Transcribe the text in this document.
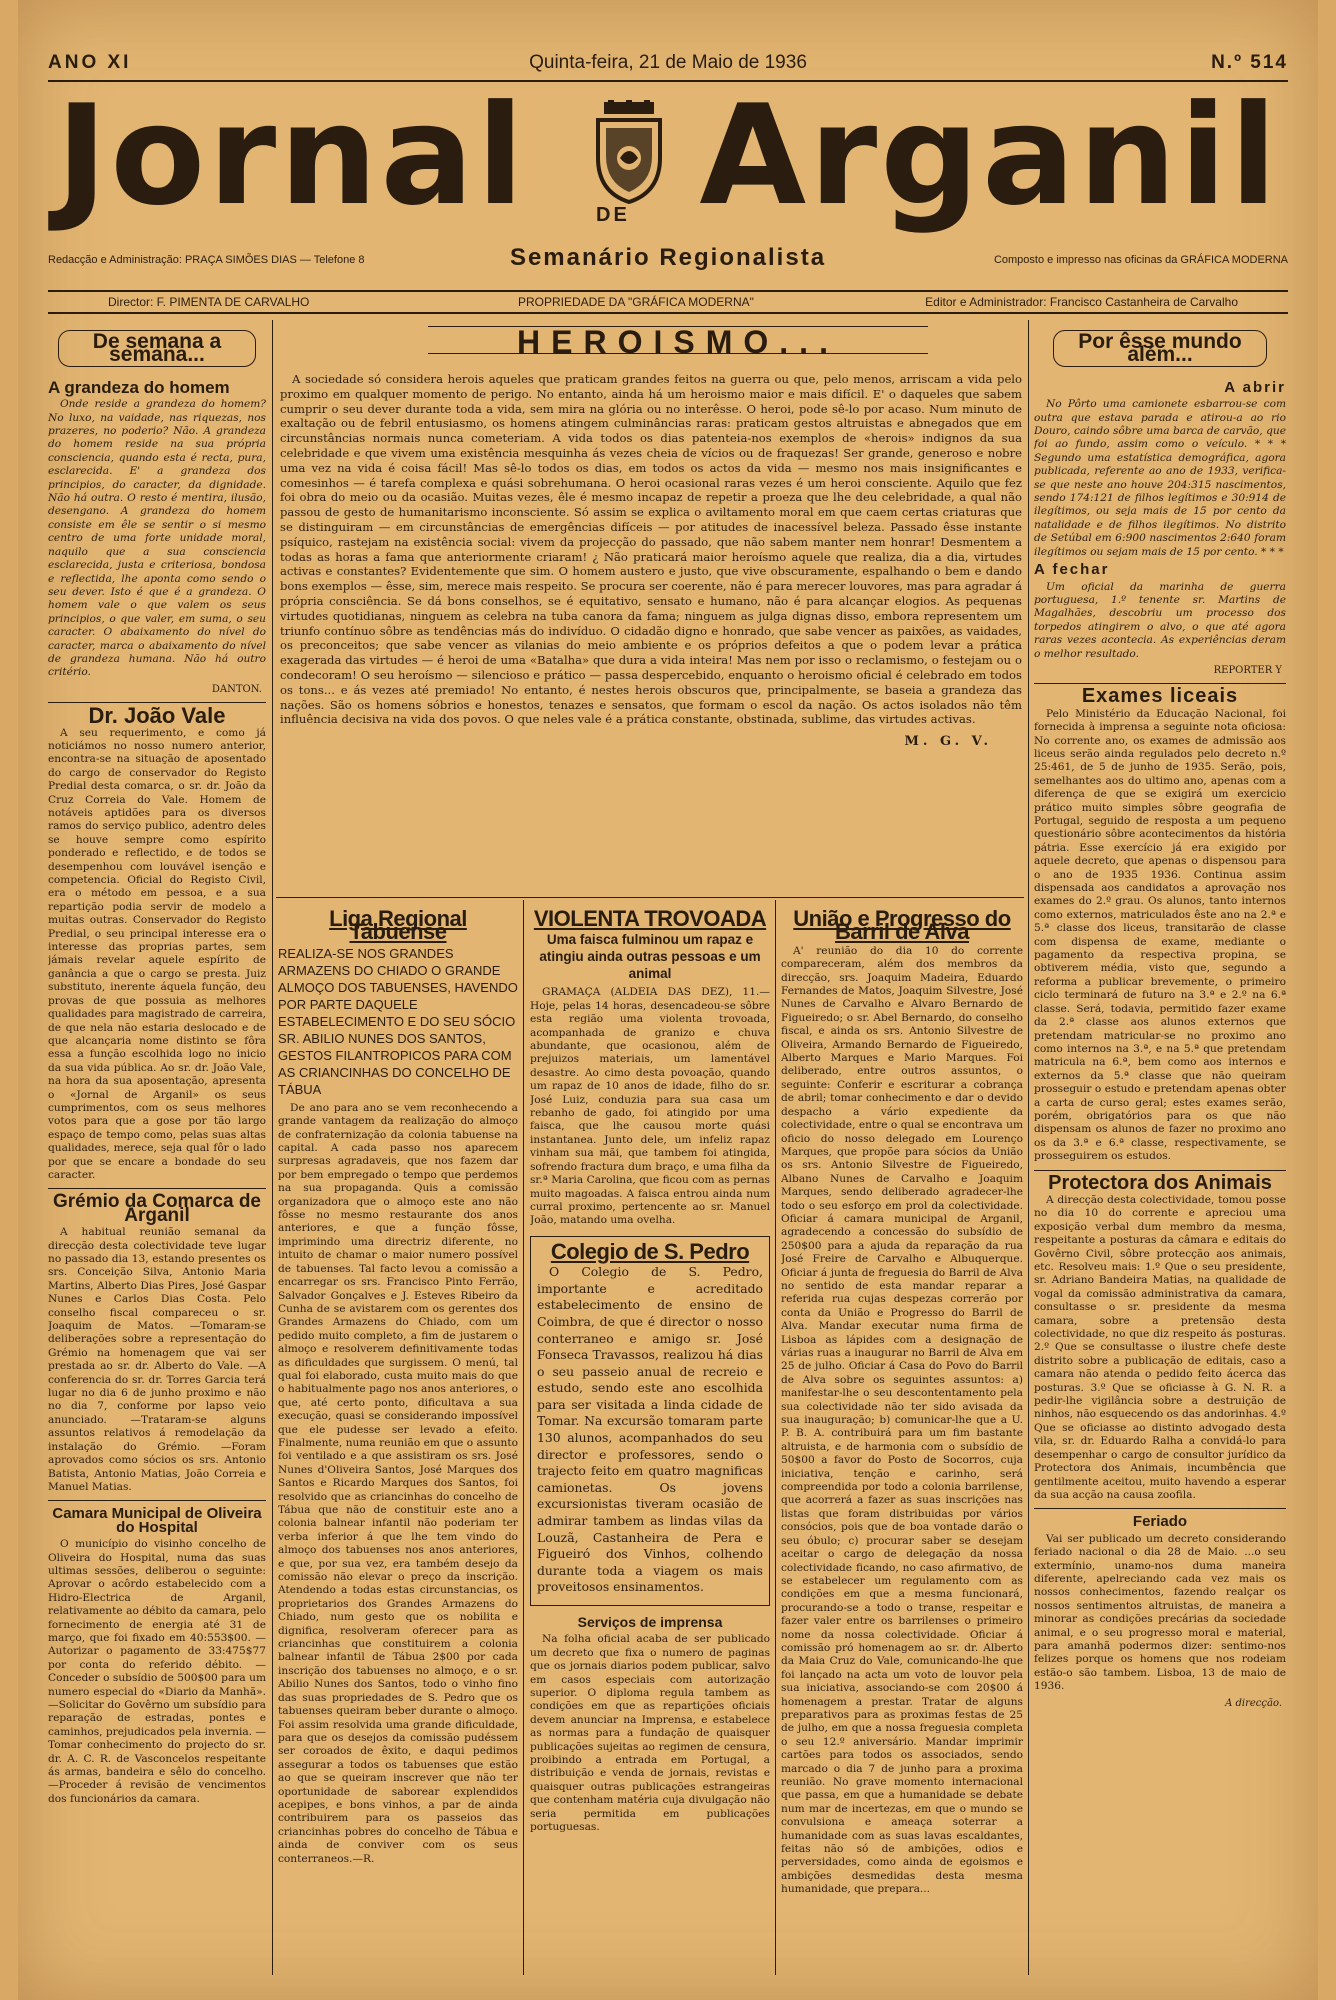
ANO XI	Quinta-feira, 21 de Maio de 1936	N.º 514
Jornal Arganil
DE
Redacção e Administração: PRAÇA SIMÕES DIAS — Telefone 8	Semanário Regionalista	Composto e impresso nas oficinas da GRÁFICA MODERNA
Director: F. PIMENTA DE CARVALHO	PROPRIEDADE DA "GRÁFICA MODERNA"	Editor e Administrador: Francisco Castanheira de Carvalho
De semana a semana...
A grandeza do homem

Onde reside a grandeza do homem? No luxo, na vaidade, nas riquezas, nos prazeres, no poderio? Não. A grandeza do homem reside na sua própria consciencia, quando esta é recta, pura, esclarecida. E' a grandeza dos principios, do caracter, da dignidade. Não há outra. O resto é mentira, ilusão, desengano. A grandeza do homem consiste em êle se sentir o si mesmo centro de uma forte unidade moral, naquilo que a sua consciencia esclarecida, justa e criteriosa, bondosa e reflectida, lhe aponta como sendo o seu dever. Isto é que é a grandeza. O homem vale o que valem os seus principios, o que valer, em suma, o seu caracter. O abaixamento do nível do caracter, marca o abaixamento do nível de grandeza humana. Não há outro critério.

DANTON.
Dr. João Vale

A seu requerimento, e como já noticiámos no nosso numero anterior, encontra-se na situação de aposentado do cargo de conservador do Registo Predial desta comarca, o sr. dr. João da Cruz Correia do Vale. Homem de notáveis aptidões para os diversos ramos do serviço publico, adentro deles se houve sempre como espírito ponderado e reflectido, e de todos se desempenhou com louvável isenção e competencia. Oficial do Registo Civil, era o método em pessoa, e a sua repartição podia servir de modelo a muitas outras. Conservador do Registo Predial, o seu principal interesse era o interesse das proprias partes, sem jámais revelar aquele espírito de ganância a que o cargo se presta. Juiz substituto, inerente áquela função, deu provas de que possuia as melhores qualidades para magistrado de carreira, de que nela não estaria deslocado e de que alcançaria nome distinto se fôra essa a função escolhida logo no inicio da sua vida pública. Ao sr. dr. João Vale, na hora da sua aposentação, apresenta o «Jornal de Arganil» os seus cumprimentos, com os seus melhores votos para que a gose por tão largo espaço de tempo como, pelas suas altas qualidades, merece, seja qual fôr o lado por que se encare a bondade do seu caracter.

Grémio da Comarca de Arganil

A habitual reunião semanal da direcção desta colectividade teve lugar no passado dia 13, estando presentes os srs. Conceição Silva, Antonio Maria Martins, Alberto Dias Pires, José Gaspar Nunes e Carlos Dias Costa. Pelo conselho fiscal compareceu o sr. Joaquim de Matos. —Tomaram-se deliberações sobre a representação do Grémio na homenagem que vai ser prestada ao sr. dr. Alberto do Vale. —A conferencia do sr. dr. Torres Garcia terá lugar no dia 6 de junho proximo e não no dia 7, conforme por lapso veio anunciado. —Trataram-se alguns assuntos relativos á remodelação da instalação do Grémio. —Foram aprovados como sócios os srs. Antonio Batista, Antonio Matias, João Correia e Manuel Matias.

Camara Municipal de Oliveira do Hospital

O município do visinho concelho de Oliveira do Hospital, numa das suas ultimas sessões, deliberou o seguinte: Aprovar o acôrdo estabelecido com a Hidro-Electrica de Arganil, relativamente ao débito da camara, pelo fornecimento de energia até 31 de março, que foi fixado em 40:553$00. —Autorizar o pagamento de 33:475$77 por conta do referido débito. —Conceder o subsídio de 500$00 para um numero especial do «Diario da Manhã». —Solicitar do Govêrno um subsídio para reparação de estradas, pontes e caminhos, prejudicados pela invernia. —Tomar conhecimento do projecto do sr. dr. A. C. R. de Vasconcelos respeitante ás armas, bandeira e sêlo do concelho. —Proceder á revisão de vencimentos dos funcionários da camara.

HEROISMO...

A sociedade só considera herois aqueles que praticam grandes feitos na guerra ou que, pelo menos, arriscam a vida pelo proximo em qualquer momento de perigo. No entanto, ainda há um heroismo maior e mais difícil. E' o daqueles que sabem cumprir o seu dever durante toda a vida, sem mira na glória ou no interêsse. O heroi, pode sê-lo por acaso. Num minuto de exaltação ou de febril entusiasmo, os homens atingem culminâncias raras: praticam gestos altruistas e abnegados que em circunstâncias normais nunca cometeriam. A vida todos os dias patenteia-nos exemplos de «herois» indignos da sua celebridade e que vivem uma existência mesquinha ás vezes cheia de vícios ou de fraquezas! Ser grande, generoso e nobre uma vez na vida é coisa fácil! Mas sê-lo todos os dias, em todos os actos da vida — mesmo nos mais insignificantes e comesinhos — é tarefa complexa e quási sobrehumana. O heroi ocasional raras vezes é um heroi consciente. Aquilo que fez foi obra do meio ou da ocasião. Muitas vezes, êle é mesmo incapaz de repetir a proeza que lhe deu celebridade, a qual não passou de gesto de humanitarismo inconsciente. Só assim se explica o aviltamento moral em que caem certas criaturas que se distinguiram — em circunstâncias de emergências difíceis — por atitudes de inacessível beleza. Passado êsse instante psíquico, rastejam na existência social: vivem da projecção do passado, que não sabem manter nem honrar! Desmentem a todas as horas a fama que anteriormente criaram! ¿ Não praticará maior heroísmo aquele que realiza, dia a dia, virtudes activas e constantes? Evidentemente que sim. O homem austero e justo, que vive obscuramente, espalhando o bem e dando bons exemplos — êsse, sim, merece mais respeito. Se procura ser coerente, não é para merecer louvores, mas para agradar á própria consciência. Se dá bons conselhos, se é equitativo, sensato e humano, não é para alcançar elogios. As pequenas virtudes quotidianas, ninguem as celebra na tuba canora da fama; ninguem as julga dignas disso, embora representem um triunfo contínuo sôbre as tendências más do indivíduo. O cidadão digno e honrado, que sabe vencer as paixões, as vaidades, os preconceitos; que sabe vencer as vilanias do meio ambiente e os próprios defeitos a que o podem levar a prática exagerada das virtudes — é heroi de uma «Batalha» que dura a vida inteira! Mas nem por isso o reclamismo, o festejam ou o condecoram! O seu heroísmo — silencioso e prático — passa despercebido, enquanto o heroismo oficial é celebrado em todos os tons... e ás vezes até premiado! No entanto, é nestes herois obscuros que, principalmente, se baseia a grandeza das nações. São os homens sóbrios e honestos, tenazes e sensatos, que formam o escol da nação. Os actos isolados não têm influência decisiva na vida dos povos. O que neles vale é a prática constante, obstinada, sublime, das virtudes activas.

M. G. V.
Liga Regional Tabuense
REALIZA-SE NOS GRANDES ARMAZENS DO CHIADO O GRANDE ALMOÇO DOS TABUENSES, HAVENDO POR PARTE DAQUELE ESTABELECIMENTO E DO SEU SÓCIO SR. ABILIO NUNES DOS SANTOS, GESTOS FILANTROPICOS PARA COM AS CRIANCINHAS DO CONCELHO DE TÁBUA

De ano para ano se vem reconhecendo a grande vantagem da realização do almoço de confraternização da colonia tabuense na capital. A cada passo nos aparecem surpresas agradaveis, que nos fazem dar por bem empregado o tempo que perdemos na sua propaganda. Quis a comissão organizadora que o almoço este ano não fôsse no mesmo restaurante dos anos anteriores, e que a função fôsse, imprimindo uma directriz diferente, no intuito de chamar o maior numero possível de tabuenses. Tal facto levou a comissão a encarregar os srs. Francisco Pinto Ferrão, Salvador Gonçalves e J. Esteves Ribeiro da Cunha de se avistarem com os gerentes dos Grandes Armazens do Chiado, com um pedido muito completo, a fim de justarem o almoço e resolverem definitivamente todas as dificuldades que surgissem. O menú, tal qual foi elaborado, custa muito mais do que o habitualmente pago nos anos anteriores, o que, até certo ponto, dificultava a sua execução, quasi se considerando impossível que ele pudesse ser levado a efeito. Finalmente, numa reunião em que o assunto foi ventilado e a que assistiram os srs. José Nunes d'Oliveira Santos, José Marques dos Santos e Ricardo Marques dos Santos, foi resolvido que as criancinhas do concelho de Tábua que não de constituir este ano a colonia balnear infantil não poderiam ter verba inferior á que lhe tem vindo do almoço dos tabuenses nos anos anteriores, e que, por sua vez, era também desejo da comissão não elevar o preço da inscrição. Atendendo a todas estas circunstancias, os proprietarios dos Grandes Armazens do Chiado, num gesto que os nobilita e dignifica, resolveram oferecer para as criancinhas que constituirem a colonia balnear infantil de Tábua 2$00 por cada inscrição dos tabuenses no almoço, e o sr. Abilio Nunes dos Santos, todo o vinho fino das suas propriedades de S. Pedro que os tabuenses queiram beber durante o almoço. Foi assim resolvida uma grande dificuldade, para que os desejos da comissão pudéssem ser coroados de êxito, e daqui pedimos assegurar a todos os tabuenses que estão ao que se queiram inscrever que não ter oportunidade de saborear explendidos acepipes, e bons vinhos, a par de ainda contribuirem para os passeios das criancinhas pobres do concelho de Tábua e ainda de conviver com os seus conterraneos.—R.

VIOLENTA TROVOADA
Uma faisca fulminou um rapaz e atingiu ainda outras pessoas e um animal

GRAMAÇA (ALDEIA DAS DEZ), 11.— Hoje, pelas 14 horas, desencadeou-se sôbre esta região uma violenta trovoada, acompanhada de granizo e chuva abundante, que ocasionou, além de prejuizos materiais, um lamentável desastre. Ao cimo desta povoação, quando um rapaz de 10 anos de idade, filho do sr. José Luiz, conduzia para sua casa um rebanho de gado, foi atingido por uma faisca, que lhe causou morte quási instantanea. Junto dele, um infeliz rapaz vinham sua mãi, que tambem foi atingida, sofrendo fractura dum braço, e uma filha da sr.ª Maria Carolina, que ficou com as pernas muito magoadas. A faisca entrou ainda num curral proximo, pertencente ao sr. Manuel João, matando uma ovelha.

Colegio de S. Pedro

O Colegio de S. Pedro, importante e acreditado estabelecimento de ensino de Coimbra, de que é director o nosso conterraneo e amigo sr. José Fonseca Travassos, realizou há dias o seu passeio anual de recreio e estudo, sendo este ano escolhida para ser visitada a linda cidade de Tomar. Na excursão tomaram parte 130 alunos, acompanhados do seu director e professores, sendo o trajecto feito em quatro magnificas camionetas. Os jovens excursionistas tiveram ocasião de admirar tambem as lindas vilas da Louzã, Castanheira de Pera e Figueiró dos Vinhos, colhendo durante toda a viagem os mais proveitosos ensinamentos.

Serviços de imprensa

Na folha oficial acaba de ser publicado um decreto que fixa o numero de paginas que os jornais diarios podem publicar, salvo em casos especiais com autorização superior. O diploma regula tambem as condições em que as repartições oficiais devem anunciar na Imprensa, e estabelece as normas para a fundação de quaisquer publicações sujeitas ao regimen de censura, proibindo a entrada em Portugal, a distribuição e venda de jornais, revistas e quaisquer outras publicações estrangeiras que contenham matéria cuja divulgação não seria permitida em publicações portuguesas.

União e Progresso do Barril de Alva

A' reunião do dia 10 do corrente compareceram, além dos membros da direcção, srs. Joaquim Madeira, Eduardo Fernandes de Matos, Joaquim Silvestre, José Nunes de Carvalho e Alvaro Bernardo de Figueiredo; o sr. Abel Bernardo, do conselho fiscal, e ainda os srs. Antonio Silvestre de Oliveira, Armando Bernardo de Figueiredo, Alberto Marques e Mario Marques. Foi deliberado, entre outros assuntos, o seguinte: Conferir e escriturar a cobrança de abril; tomar conhecimento e dar o devido despacho a vário expediente da colectividade, entre o qual se encontrava um oficio do nosso delegado em Lourenço Marques, que propõe para sócios da União os srs. Antonio Silvestre de Figueiredo, Albano Nunes de Carvalho e Joaquim Marques, sendo deliberado agradecer-lhe todo o seu esforço em prol da colectividade. Oficiar á camara municipal de Arganil, agradecendo a concessão do subsídio de 250$00 para a ajuda da reparação da rua José Freire de Carvalho e Albuquerque. Oficiar á junta de freguesia do Barril de Alva no sentido de esta mandar reparar a referida rua cujas despezas correrão por conta da União e Progresso do Barril de Alva. Mandar executar numa firma de Lisboa as lápides com a designação de várias ruas a inaugurar no Barril de Alva em 25 de julho. Oficiar á Casa do Povo do Barril de Alva sobre os seguintes assuntos: a) manifestar-lhe o seu descontentamento pela sua colectividade não ter sido avisada da sua inauguração; b) comunicar-lhe que a U. P. B. A. contribuirá para um fim bastante altruista, e de harmonia com o subsídio de 50$00 a favor do Posto de Socorros, cuja iniciativa, tenção e carinho, será compreendida por todo a colonia barrilense, que acorrerá a fazer as suas inscrições nas listas que foram distribuidas por vários consócios, pois que de boa vontade darão o seu óbulo; c) procurar saber se desejam aceitar o cargo de delegação da nossa colectividade ficando, no caso afirmativo, de se estabelecer um regulamento com as condições em que a mesma funcionará, procurando-se a todo o transe, respeitar e fazer valer entre os barrilenses o primeiro nome da nossa colectividade. Oficiar á comissão pró homenagem ao sr. dr. Alberto da Maia Cruz do Vale, comunicando-lhe que foi lançado na acta um voto de louvor pela sua iniciativa, associando-se com 20$00 á homenagem a prestar. Tratar de alguns preparativos para as proximas festas de 25 de julho, em que a nossa freguesia completa o seu 12.º aniversário. Mandar imprimir cartões para todos os associados, sendo marcado o dia 7 de junho para a proxima reunião. No grave momento internacional que passa, em que a humanidade se debate num mar de incertezas, em que o mundo se convulsiona e ameaça soterrar a humanidade com as suas lavas escaldantes, feitas não só de ambições, odios e perversidades, como ainda de egoismos e ambições desmedidas desta mesma humanidade, que prepara...

Por êsse mundo além...
A abrir

No Pôrto uma camionete esbarrou-se com outra que estava parada e atirou-a ao rio Douro, caindo sôbre uma barca de carvão, que foi ao fundo, assim como o veículo. * * * Segundo uma estatística demográfica, agora publicada, referente ao ano de 1933, verifica-se que neste ano houve 204:315 nascimentos, sendo 174:121 de filhos legítimos e 30:914 de ilegítimos, ou seja mais de 15 por cento da natalidade e de filhos ilegítimos. No distrito de Setúbal em 6:900 nascimentos 2:640 foram ilegítimos ou sejam mais de 15 por cento. * * *

A fechar

Um oficial da marinha de guerra portuguesa, 1.º tenente sr. Martins de Magalhães, descobriu um processo dos torpedos atingirem o alvo, o que até agora raras vezes acontecia. As experiências deram o melhor resultado.

REPORTER Y
Exames liceais

Pelo Ministério da Educação Nacional, foi fornecida à imprensa a seguinte nota oficiosa: No corrente ano, os exames de admissão aos liceus serão ainda regulados pelo decreto n.º 25:461, de 5 de junho de 1935. Serão, pois, semelhantes aos do ultimo ano, apenas com a diferença de que se exigirá um exercicio prático muito simples sôbre geografia de Portugal, seguido de resposta a um pequeno questionário sôbre acontecimentos da história pátria. Esse exercício já era exigido por aquele decreto, que apenas o dispensou para o ano de 1935 1936. Continua assim dispensada aos candidatos a aprovação nos exames do 2.º grau. Os alunos, tanto internos como externos, matriculados êste ano na 2.ª e 5.ª classe dos liceus, transitarão de classe com dispensa de exame, mediante o pagamento da respectiva propina, se obtiverem média, visto que, segundo a reforma a publicar brevemente, o primeiro ciclo terminará de futuro na 3.ª e 2.º na 6.ª classe. Será, todavia, permitido fazer exame da 2.ª classe aos alunos externos que pretendam matricular-se no proximo ano como internos na 3.ª, e na 5.ª que pretendam matricula na 6.ª, bem como aos internos e externos da 5.ª classe que não queiram prosseguir o estudo e pretendam apenas obter a carta de curso geral; estes exames serão, porém, obrigatórios para os que não dispensam os alunos de fazer no proximo ano os da 3.ª e 6.ª classe, respectivamente, se prosseguirem os estudos.

Protectora dos Animais

A direcção desta colectividade, tomou posse no dia 10 do corrente e apreciou uma exposição verbal dum membro da mesma, respeitante a posturas da câmara e editais do Govêrno Civil, sôbre protecção aos animais, etc. Resolveu mais: 1.º Que o seu presidente, sr. Adriano Bandeira Matias, na qualidade de vogal da comissão administrativa da camara, consultasse o sr. presidente da mesma camara, sobre a pretensão desta colectividade, no que diz respeito ás posturas. 2.º Que se consultasse o ilustre chefe deste distrito sobre a publicação de editais, caso a camara não atenda o pedido feito ácerca das posturas. 3.º Que se oficiasse à G. N. R. a pedir-lhe vigilância sobre a destruição de ninhos, não esquecendo os das andorinhas. 4.º Que se oficiasse ao distinto advogado desta vila, sr. dr. Eduardo Ralha a convidá-lo para desempenhar o cargo de consultor jurídico da Protectora dos Animais, incumbência que gentilmente aceitou, muito havendo a esperar da sua acção na causa zoofila.

Feriado

Vai ser publicado um decreto considerando feriado nacional o dia 28 de Maio. ...o seu extermínio, unamo-nos duma maneira diferente, apelreciando cada vez mais os nossos conhecimentos, fazendo realçar os nossos sentimentos altruistas, de maneira a minorar as condições precárias da sociedade animal, e o seu progresso moral e material, para amanhã podermos dizer: sentimo-nos felizes porque os homens que nos rodeiam estão-o são tambem. Lisboa, 13 de maio de 1936.

A direcção.
